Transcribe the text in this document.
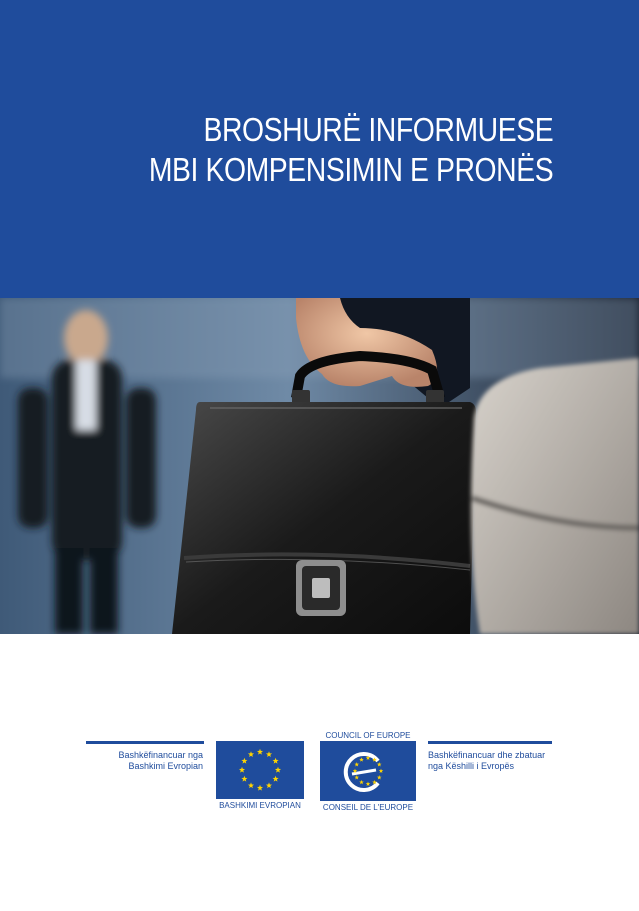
BROSHURË INFORMUESE
MBI KOMPENSIMIN E PRONËS
Bashkëfinancuar nga
Bashkimi Evropian
BASHKIMI EVROPIAN
COUNCIL OF EUROPE
CONSEIL DE L'EUROPE
Bashkëfinancuar dhe zbatuar
nga Këshilli i Evropës
